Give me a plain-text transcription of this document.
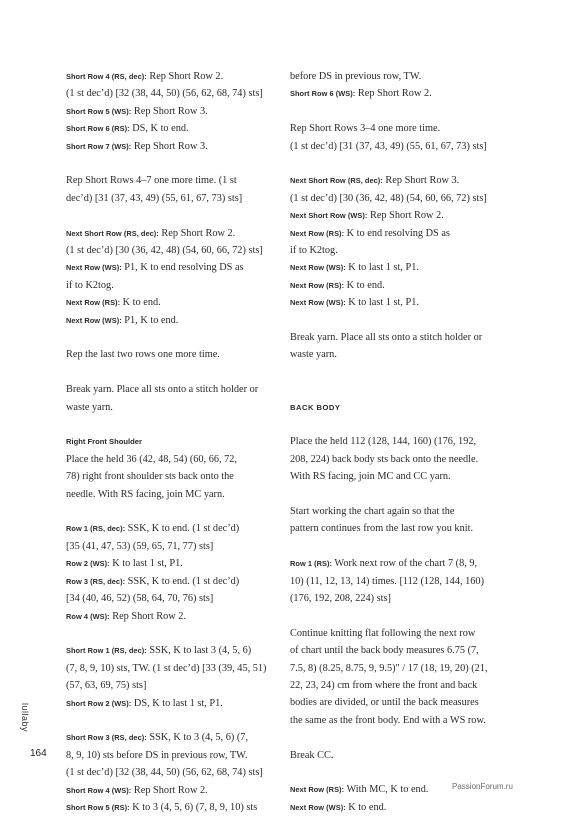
Short Row 4 (RS, dec): Rep Short Row 2.
(1 st dec’d) [32 (38, 44, 50) (56, 62, 68, 74) sts]
Short Row 5 (WS): Rep Short Row 3.
Short Row 6 (RS): DS, K to end.
Short Row 7 (WS): Rep Short Row 3.
Rep Short Rows 4–7 one more time. (1 st
dec’d) [31 (37, 43, 49) (55, 61, 67, 73) sts]
Next Short Row (RS, dec): Rep Short Row 2.
(1 st dec’d) [30 (36, 42, 48) (54, 60, 66, 72) sts]
Next Row (WS): P1, K to end resolving DS as
if to K2tog.
Next Row (RS): K to end.
Next Row (WS): P1, K to end.
Rep the last two rows one more time.
Break yarn. Place all sts onto a stitch holder or
waste yarn.
Right Front Shoulder
Place the held 36 (42, 48, 54) (60, 66, 72,
78) right front shoulder sts back onto the
needle. With RS facing, join MC yarn.
Row 1 (RS, dec): SSK, K to end. (1 st dec’d)
[35 (41, 47, 53) (59, 65, 71, 77) sts]
Row 2 (WS): K to last 1 st, P1.
Row 3 (RS, dec): SSK, K to end. (1 st dec’d)
[34 (40, 46, 52) (58, 64, 70, 76) sts]
Row 4 (WS): Rep Short Row 2.
Short Row 1 (RS, dec): SSK, K to last 3 (4, 5, 6)
(7, 8, 9, 10) sts, TW. (1 st dec’d) [33 (39, 45, 51)
(57, 63, 69, 75) sts]
Short Row 2 (WS): DS, K to last 1 st, P1.
Short Row 3 (RS, dec): SSK, K to 3 (4, 5, 6) (7,
8, 9, 10) sts before DS in previous row, TW.
(1 st dec’d) [32 (38, 44, 50) (56, 62, 68, 74) sts]
Short Row 4 (WS): Rep Short Row 2.
Short Row 5 (RS): K to 3 (4, 5, 6) (7, 8, 9, 10) sts
before DS in previous row, TW.
Short Row 6 (WS): Rep Short Row 2.
Rep Short Rows 3–4 one more time.
(1 st dec’d) [31 (37, 43, 49) (55, 61, 67, 73) sts]
Next Short Row (RS, dec): Rep Short Row 3.
(1 st dec’d) [30 (36, 42, 48) (54, 60, 66, 72) sts]
Next Short Row (WS): Rep Short Row 2.
Next Row (RS): K to end resolving DS as
if to K2tog.
Next Row (WS): K to last 1 st, P1.
Next Row (RS): K to end.
Next Row (WS): K to last 1 st, P1.
Break yarn. Place all sts onto a stitch holder or
waste yarn.
BACK BODY
Place the held 112 (128, 144, 160) (176, 192,
208, 224) back body sts back onto the needle.
With RS facing, join MC and CC yarn.
Start working the chart again so that the
pattern continues from the last row you knit.
Row 1 (RS): Work next row of the chart 7 (8, 9,
10) (11, 12, 13, 14) times. [112 (128, 144, 160)
(176, 192, 208, 224) sts]
Continue knitting flat following the next row
of chart until the back body measures 6.75 (7,
7.5, 8) (8.25, 8.75, 9, 9.5)" / 17 (18, 19, 20) (21,
22, 23, 24) cm from where the front and back
bodies are divided, or until the back measures
the same as the front body. End with a WS row.
Break CC.
Next Row (RS): With MC, K to end.
Next Row (WS): K to end.
lullaby
164
PassionForum.ru
